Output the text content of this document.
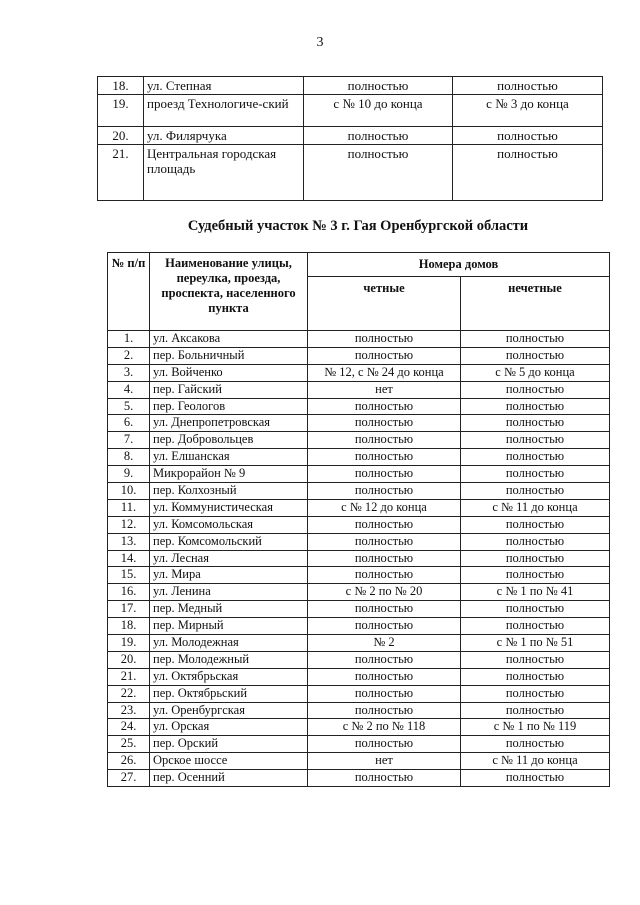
3
18.	ул. Степная	полностью	полностью
19.	проезд Технологиче-ский	с № 10 до конца	с № 3 до конца
20.	ул. Филярчука	полностью	полностью
21.	Центральная городская площадь	полностью	полностью
Судебный участок № 3 г. Гая Оренбургской области
№ п/п	Наименование улицы, переулка, проезда, проспекта, населенного пункта	Номера домов	
		четные	нечетные
1.	ул. Аксакова	полностью	полностью
2.	пер. Больничный	полностью	полностью
3.	ул. Войченко	№ 12, с № 24 до конца	с № 5 до конца
4.	пер. Гайский	нет	полностью
5.	пер. Геологов	полностью	полностью
6.	ул. Днепропетровская	полностью	полностью
7.	пер. Добровольцев	полностью	полностью
8.	ул. Елшанская	полностью	полностью
9.	Микрорайон № 9	полностью	полностью
10.	пер. Колхозный	полностью	полностью
11.	ул. Коммунистическая	с № 12 до конца	с № 11 до конца
12.	ул. Комсомольская	полностью	полностью
13.	пер. Комсомольский	полностью	полностью
14.	ул. Лесная	полностью	полностью
15.	ул. Мира	полностью	полностью
16.	ул. Ленина	с № 2 по № 20	с № 1 по № 41
17.	пер. Медный	полностью	полностью
18.	пер. Мирный	полностью	полностью
19.	ул. Молодежная	№ 2	с № 1 по № 51
20.	пер. Молодежный	полностью	полностью
21.	ул. Октябрьская	полностью	полностью
22.	пер. Октябрьский	полностью	полностью
23.	ул. Оренбургская	полностью	полностью
24.	ул. Орская	с № 2 по № 118	с № 1 по № 119
25.	пер. Орский	полностью	полностью
26.	Орское шоссе	нет	с № 11 до конца
27.	пер. Осенний	полностью	полностью
